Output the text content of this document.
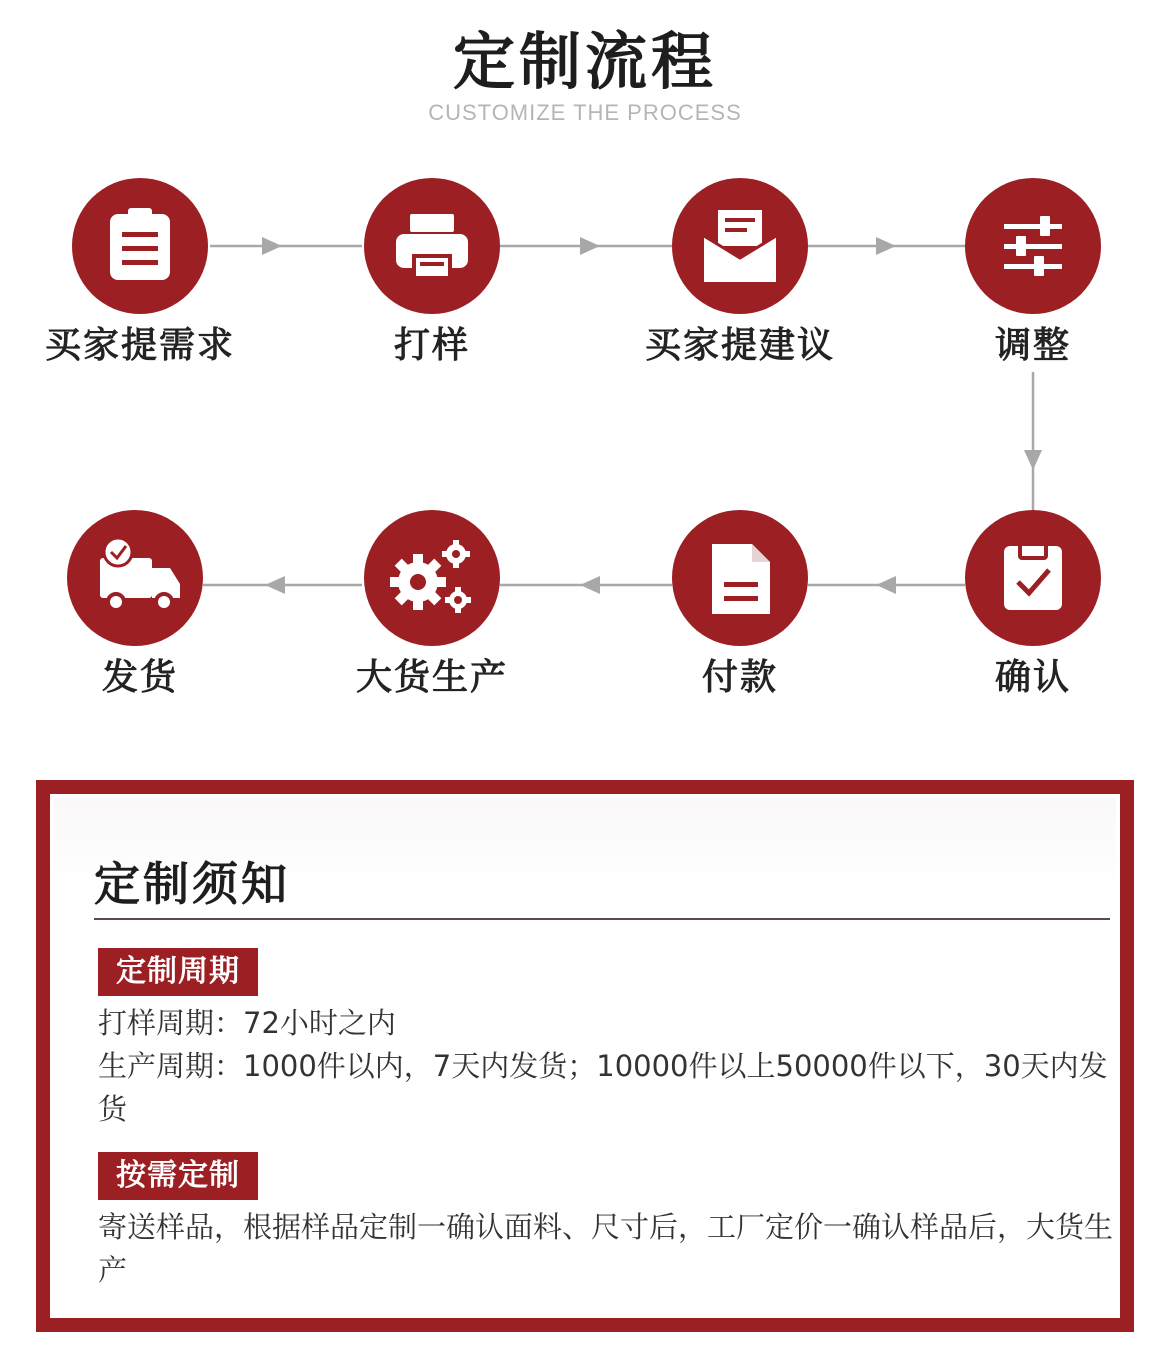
定制流程
CUSTOMIZE THE PROCESS
买家提需求	打样	买家提建议	调整
确认
付款
大货生产
发货
定制须知
定制周期
打样周期：72小时之内
生产周期：1000件以内，7天内发货；10000件以上50000件以下，30天内发货
按需定制
寄送样品，根据样品定制一确认面料、尺寸后，工厂定价一确认样品后，大货生产
